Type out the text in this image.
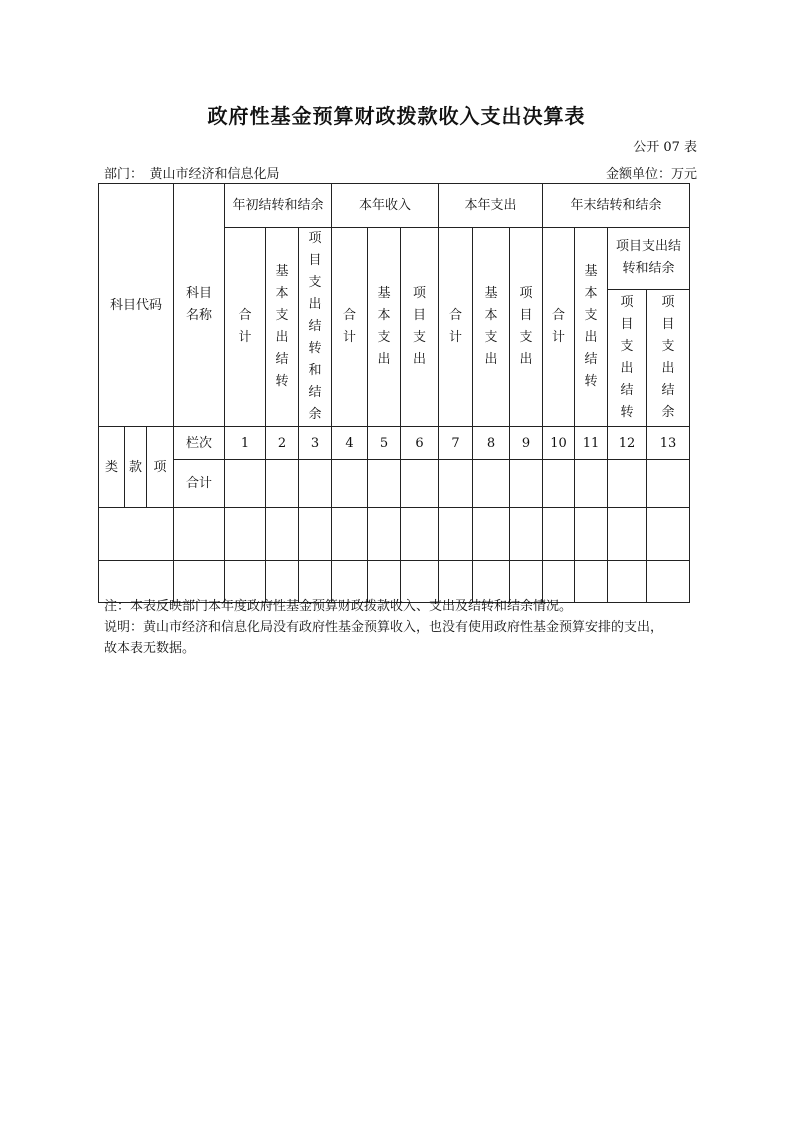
政府性基金预算财政拨款收入支出决算表
公开 07 表
部门：　黄山市经济和信息化局	金额单位：万元
科目代码			科目名称	年初结转和结余			本年收入			本年支出			年末结转和结余			
				合计	基本支出结转	项目支出结转和结余	合计	基本支出	项目支出	合计	基本支出	项目支出	合计	基本支出结转	项目支出结转和结余	
															项目支出结转	项目支出结余
类	款	项	栏次	1	2	3	4	5	6	7	8	9	10	11	12	13
			合计													

注：本表反映部门本年度政府性基金预算财政拨款收入、支出及结转和结余情况。

说明：黄山市经济和信息化局没有政府性基金预算收入，也没有使用政府性基金预算安排的支出，

故本表无数据。
